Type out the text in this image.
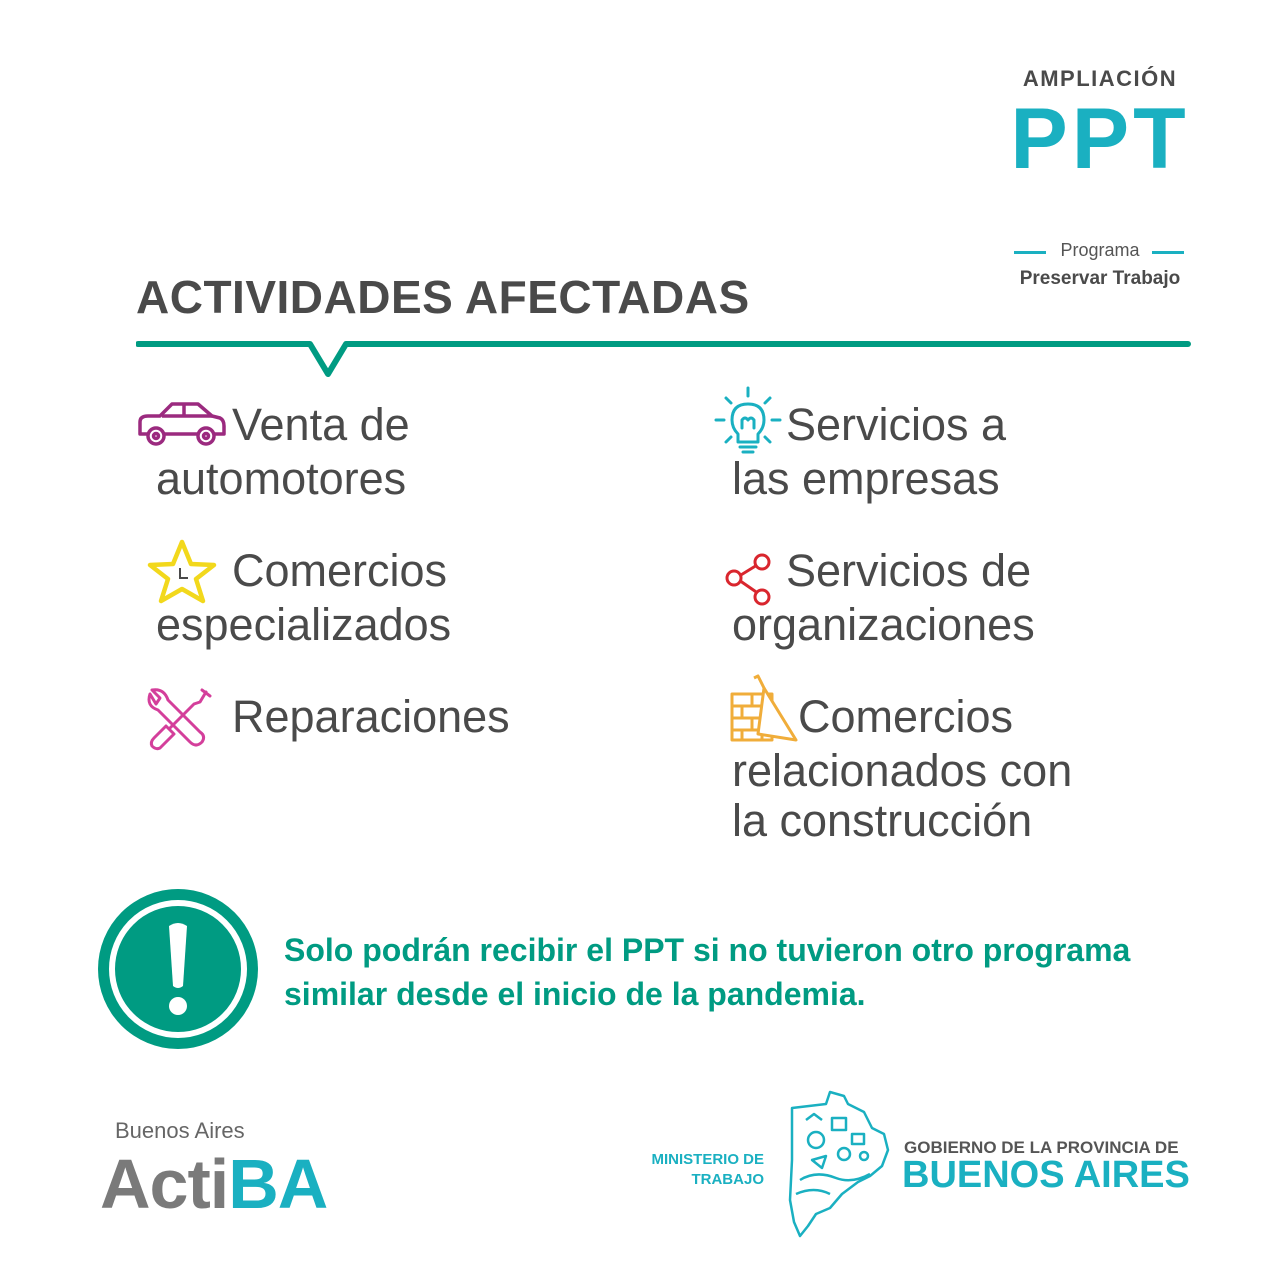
AMPLIACIÓN
PPT
Programa
Preservar Trabajo
ACTIVIDADES AFECTADAS
Venta de
automotores
Servicios a
las empresas
Comercios
especializados
Servicios de
organizaciones
Reparaciones	Comercios
relacionados con
la construcción
Solo podrán recibir el PPT si no tuvieron otro programa
similar desde el inicio de la pandemia.
Buenos Aires
ActiBA	MINISTERIO DE
TRABAJO
GOBIERNO DE LA PROVINCIA DE
BUENOS AIRES
